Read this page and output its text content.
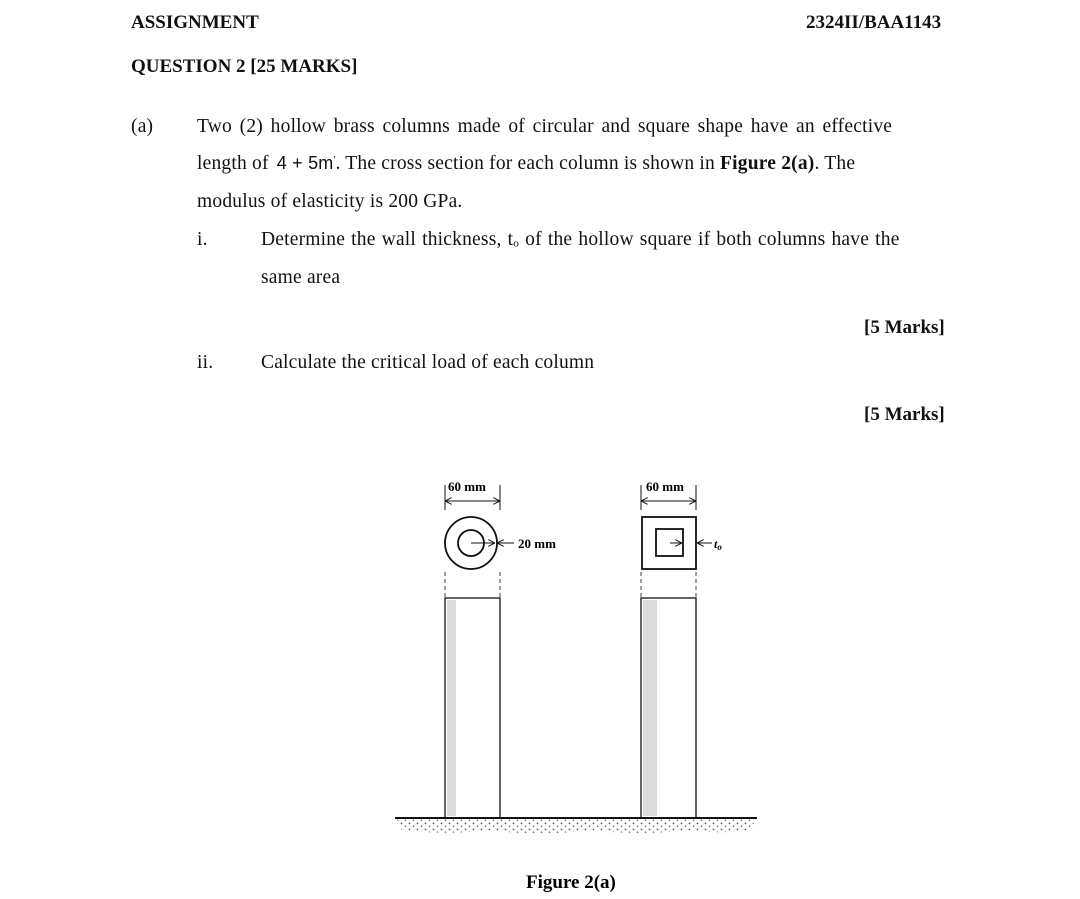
ASSIGNMENT	2324II/BAA1143
QUESTION 2 [25 MARKS]
(a) Two (2) hollow brass columns made of circular and square shape have an effective
length of 4 + 5m'. The cross section for each column is shown in Figure 2(a). The
modulus of elasticity is 200 GPa.
i.	Determine the wall thickness, tₒ of the hollow square if both columns have the
same area
[5 Marks]
ii. Calculate the critical load of each column
[5 Marks]
60 mm
20 mm
60 mm
to
Figure 2(a)
